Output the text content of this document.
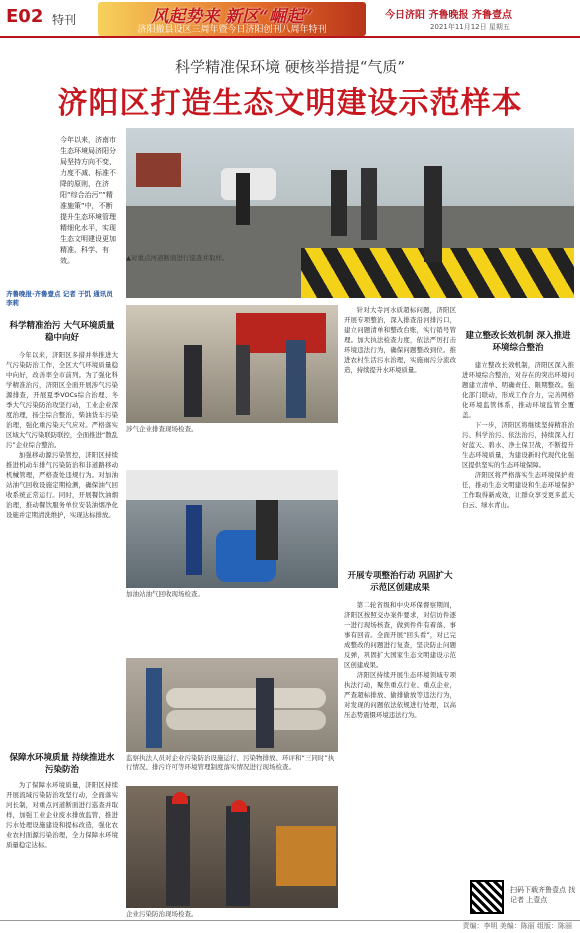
E02 特刊	风起势来 新区“崛起”
济阳撤县设区三周年暨今日济阳创刊八周年特刊
今日济阳 齐鲁晚报 齐鲁壹点
2021年11月12日 星期五
科学精准保环境 硬核举措提“气质”
济阳区打造生态文明建设示范样本
今年以来，济南市生态环境局济阳分局坚持方向不变、力度不减、标准不降的原则，在济阳“综合治污”“精准施策”中，不断提升生态环境管理精细化水平，实现生态文明建设更加精准、科学、有效。	▲对重点河道断面进行巡查并取样。
齐鲁晚报·齐鲁壹点 记者 于饥 通讯员 李莉
科学精准治污 大气环境质量稳中向好

今年以来，济阳区多措并举推进大气污染防治工作，全区大气环境质量稳中向好，改善率全市前列。为了强化科学精准治污，济阳区全面开展涉气污染源排查，开展夏季VOCs综合治理、冬季大气污染防治攻坚行动，工业企业深度治理，扬尘综合整治，柴油货车污染治理，强化重污染天气应对。严格落实区域大气污染联防联控，全面推进“散乱污”企业综合整治。

加强移动源污染管控，济阳区持续推进机动车排气污染防治和非道路移动机械管理，严格查处违规行为。对加油站油气回收设施定期检测，确保油气回收系统正常运行。同时，开展餐饮油烟治理，推动餐饮服务单位安装油烟净化设施并定期清洗维护，实现达标排放。

保障水环境质量 持续推进水污染防治

为了保障水环境质量，济阳区持续开展流域污染防治攻坚行动，全面落实河长制，对重点河道断面进行巡查并取样，加强工业企业废水排放监管，推进污水处理设施建设和提标改造，强化农业农村面源污染治理，全力保障水环境质量稳定达标。

涉气企业排查现场检查。
加油站油气回收现场检查。
监察执法人员对企业污染防治设施运行、污染物排放、环评和“三同时”执行情况、排污许可等环境管理制度落实情况进行现场检查。
企业污染防治现场检查。

针对大寺河水质超标问题，济阳区开展专项整治，深入排查沿河排污口，建立问题清单和整改台账，实行销号管理。加大执法检查力度，依法严厉打击环境违法行为，确保问题整改到位。推进农村生活污水治理，实施雨污分流改造，持续提升水环境质量。

开展专项整治行动 巩固扩大示范区创建成果

第二轮省级和中央环保督察期间，济阳区按照交办案件要求，对信访件逐一进行现场核查，做到件件有着落、事事有回音。全面开展“回头看”，对已完成整改的问题进行复查，坚决防止问题反弹，巩固扩大国家生态文明建设示范区创建成果。

济阳区持续开展生态环境领域专项执法行动，聚焦重点行业、重点企业，严查超标排放、偷排偷放等违法行为，对发现的问题依法依规进行处理，以高压态势震慑环境违法行为。

建立整改长效机制 深入推进环境综合整治

建立整改长效机制，济阳区深入推进环境综合整治，对存在的突出环境问题建立清单、明确责任、限期整改。强化部门联动，形成工作合力，完善网格化环境监管体系，推动环境监管全覆盖。

下一步，济阳区将继续坚持精准治污、科学治污、依法治污，持续深入打好蓝天、碧水、净土保卫战，不断提升生态环境质量，为建设新时代现代化强区提供坚实的生态环境保障。

济阳区将严格落实生态环境保护责任，推动生态文明建设和生态环境保护工作取得新成效，让群众享受更多蓝天白云、绿水青山。

扫码下载齐鲁壹点 找记者 上壹点
责编：李明 美编：陈丽 组版：陈丽
